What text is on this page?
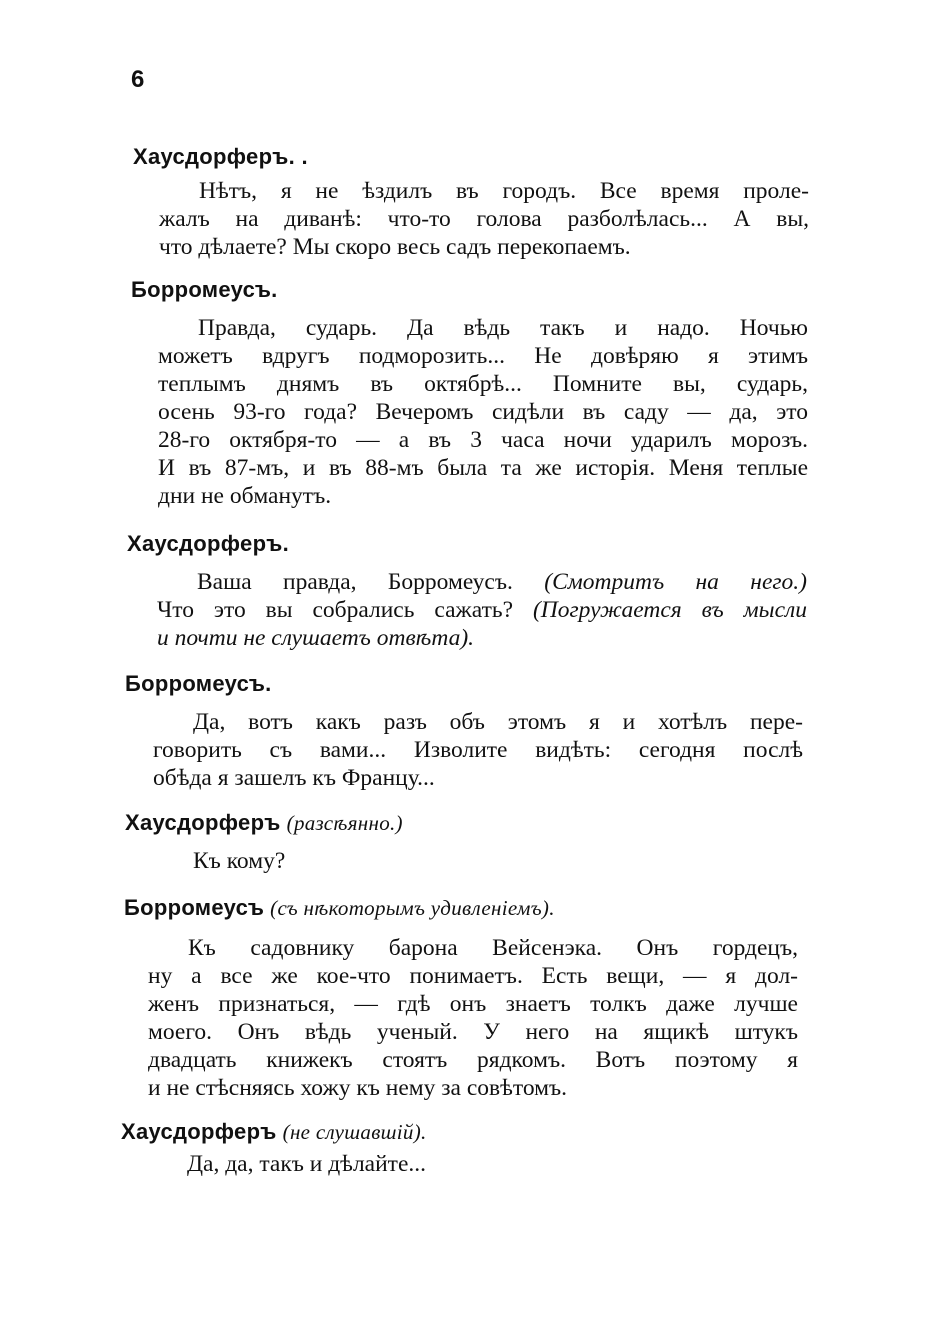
6
Хаусдорферъ. .
Нѣтъ, я не ѣздилъ въ городъ. Все время проле-
жалъ на диванѣ: что-то голова разболѣлась... А вы,
что дѣлаете? Мы скоро весь садъ перекопаемъ.
Борромеусъ.
Правда, сударь. Да вѣдь такъ и надо. Ночью
можетъ вдругъ подморозить... Не довѣряю я этимъ
теплымъ днямъ въ октябрѣ... Помните вы, сударь,
осень 93-го года? Вечеромъ сидѣли въ саду — да, это
28-го октября-то — а въ 3 часа ночи ударилъ морозъ.
И въ 87-мъ, и въ 88-мъ была та же исторія. Меня теплые
дни не обманутъ.
Хаусдорферъ.
Ваша правда, Борромеусъ. (Смотритъ на него.)
Что это вы собрались сажать? (Погружается въ мысли
и почти не слушаетъ отвѣта).
Борромеусъ.
Да, вотъ какъ разъ объ этомъ я и хотѣлъ пере-
говорить съ вами... Изволите видѣть: сегодня послѣ
обѣда я зашелъ къ Францу...
Хаусдорферъ (разсѣянно.)
Къ кому?
Борромеусъ (съ нѣкоторымъ удивленіемъ).
Къ садовнику барона Вейсенэка. Онъ гордецъ,
ну а все же кое-что понимаетъ. Есть вещи, — я дол-
женъ признаться, — гдѣ онъ знаетъ толкъ даже лучше
моего. Онъ вѣдь ученый. У него на ящикѣ штукъ
двадцать книжекъ стоятъ рядкомъ. Вотъ поэтому я
и не стѣсняясь хожу къ нему за совѣтомъ.
Хаусдорферъ (не слушавшій).
Да, да, такъ и дѣлайте...
